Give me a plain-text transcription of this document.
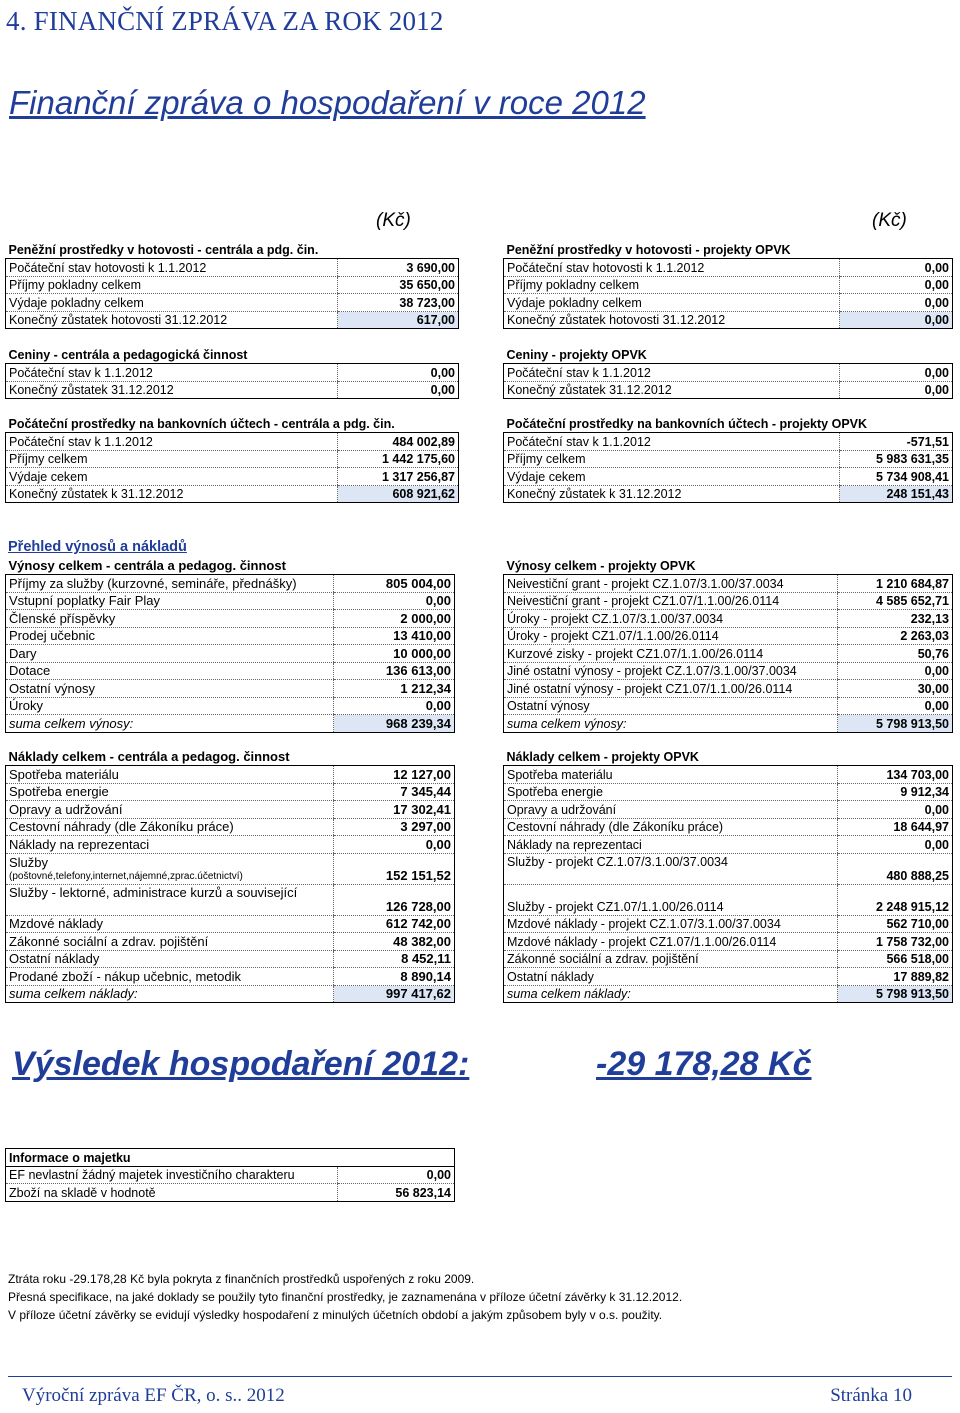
4. FINANČNÍ ZPRÁVA ZA ROK 2012
Finanční zpráva o hospodaření v roce 2012
(Kč)	(Kč)
Peněžní prostředky v hotovosti - centrála a pdg. čin.	
Počáteční stav hotovosti k 1.1.2012	3 690,00
Příjmy pokladny celkem	35 650,00
Výdaje pokladny celkem	38 723,00
Konečný zůstatek hotovosti 31.12.2012	617,00
Peněžní prostředky v hotovosti - projekty OPVK	
Počáteční stav hotovosti k 1.1.2012	0,00
Příjmy pokladny celkem	0,00
Výdaje pokladny celkem	0,00
Konečný zůstatek hotovosti 31.12.2012	0,00
Ceniny - centrála a pedagogická činnost	
Počáteční stav k 1.1.2012	0,00
Konečný zůstatek 31.12.2012	0,00
Ceniny - projekty OPVK	
Počáteční stav k 1.1.2012	0,00
Konečný zůstatek 31.12.2012	0,00
Počáteční prostředky na bankovních účtech - centrála a pdg. čin.	
Počáteční stav k 1.1.2012	484 002,89
Příjmy celkem	1 442 175,60
Výdaje cekem	1 317 256,87
Konečný zůstatek k 31.12.2012	608 921,62
Počáteční prostředky na bankovních účtech - projekty OPVK	
Počáteční stav k 1.1.2012	-571,51
Příjmy celkem	5 983 631,35
Výdaje cekem	5 734 908,41
Konečný zůstatek k 31.12.2012	248 151,43
Přehled výnosů a nákladů
Výnosy celkem - centrála a pedagog. činnost	
Příjmy za služby (kurzovné, semináře, přednášky)	805 004,00
Vstupní poplatky Fair Play	0,00
Členské příspěvky	2 000,00
Prodej učebnic	13 410,00
Dary	10 000,00
Dotace	136 613,00
Ostatní výnosy	1 212,34
Úroky	0,00
suma celkem výnosy:	968 239,34
Výnosy celkem - projekty OPVK	
Neivestiční grant - projekt CZ.1.07/3.1.00/37.0034	1 210 684,87
Neivestiční grant - projekt CZ1.07/1.1.00/26.0114	4 585 652,71
Úroky - projekt CZ.1.07/3.1.00/37.0034	232,13
Úroky - projekt CZ1.07/1.1.00/26.0114	2 263,03
Kurzové zisky - projekt CZ1.07/1.1.00/26.0114	50,76
Jiné ostatní výnosy - projekt CZ.1.07/3.1.00/37.0034	0,00
Jiné ostatní výnosy - projekt CZ1.07/1.1.00/26.0114	30,00
Ostatní výnosy	0,00
suma celkem výnosy:	5 798 913,50
Náklady celkem - centrála a pedagog. činnost	
Spotřeba materiálu	12 127,00
Spotřeba energie	7 345,44
Opravy a udržování	17 302,41
Cestovní náhrady (dle Zákoníku práce)	3 297,00
Náklady na reprezentaci	0,00

Služby
(poštovné,telefony,internet,nájemné,zprac.účetnictví)	152 151,52
Služby - lektorné, administrace kurzů a související	126 728,00
Mzdové náklady	612 742,00
Zákonné sociální a zdrav. pojištění	48 382,00
Ostatní náklady	8 452,11
Prodané zboží - nákup učebnic, metodik	8 890,14
suma celkem náklady:	997 417,62
Náklady celkem - projekty OPVK	
Spotřeba materiálu	134 703,00
Spotřeba energie	9 912,34
Opravy a udržování	0,00
Cestovní náhrady (dle Zákoníku práce)	18 644,97
Náklady na reprezentaci	0,00
Služby - projekt CZ.1.07/3.1.00/37.0034	480 888,25
Služby - projekt CZ1.07/1.1.00/26.0114	2 248 915,12
Mzdové náklady - projekt CZ.1.07/3.1.00/37.0034	562 710,00
Mzdové náklady - projekt CZ1.07/1.1.00/26.0114	1 758 732,00
Zákonné sociální a zdrav. pojištění	566 518,00
Ostatní náklady	17 889,82
suma celkem náklady:	5 798 913,50
Výsledek hospodaření 2012:	-29 178,28 Kč
Informace o majetku	
EF nevlastní žádný majetek investičního charakteru	0,00
Zboží na skladě v hodnotě	56 823,14
Ztráta roku -29.178,28 Kč byla pokryta z finančních prostředků uspořených z roku 2009.
Přesná specifikace, na jaké doklady se použily tyto finanční prostředky, je zaznamenána v příloze účetní závěrky k 31.12.2012.
V příloze účetní závěrky se evidují výsledky hospodaření z minulých účetních období a jakým způsobem byly v o.s. použity.
Výroční zpráva EF ČR, o. s.. 2012	Stránka 10
